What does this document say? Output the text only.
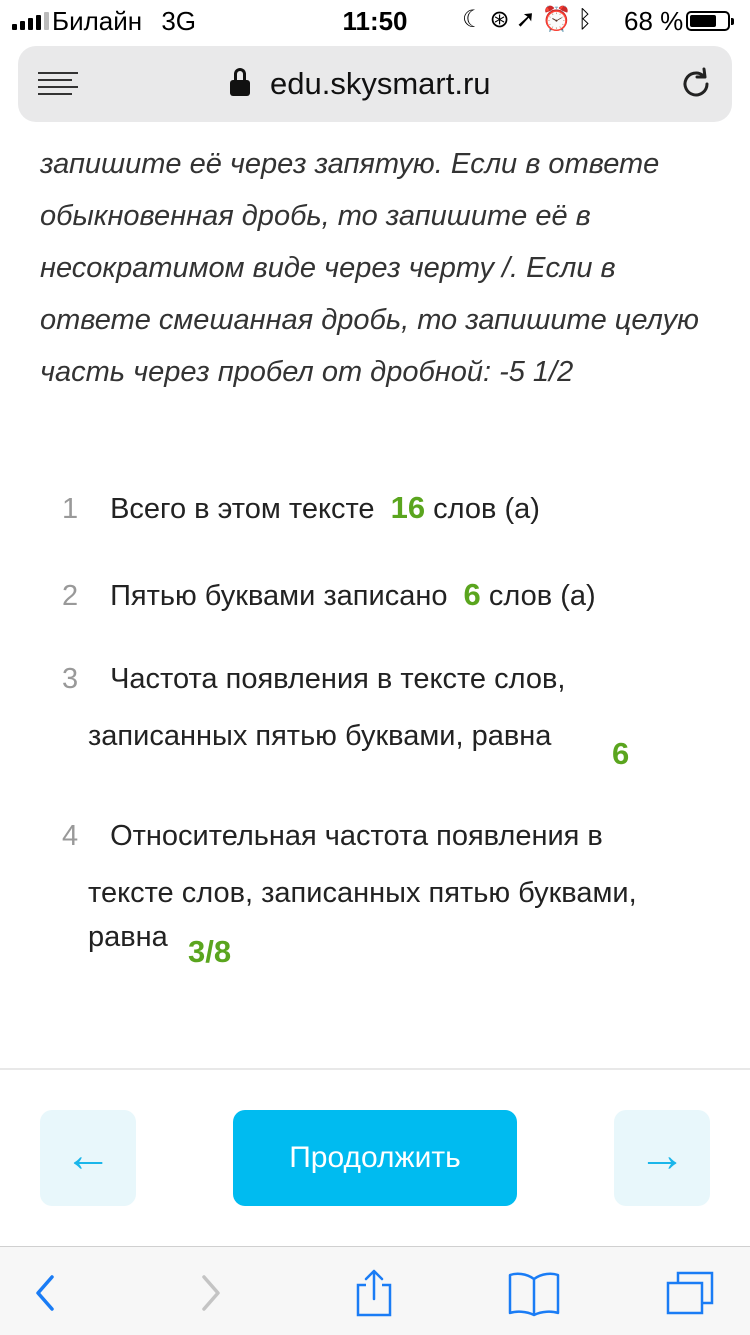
Билайн 3G	11:50	☾⊛➚⏰ᛒ 68 %
edu.skysmart.ru

запишите её через запятую. Если в ответе обыкновенная дробь, то запишите её в несократимом виде через черту /. Если в ответе смешанная дробь, то запишите целую часть через пробел от дробной: -5 1/2

1 Всего в этом тексте 16 слов (а)
2 Пятью буквами записано 6 слов (а)
3 Частота появления в тексте слов,
записанных пятью буквами, равна 6
4 Относительная частота появления в
тексте слов, записанных пятью буквами,
равна 3/8
←	Продолжить	→
